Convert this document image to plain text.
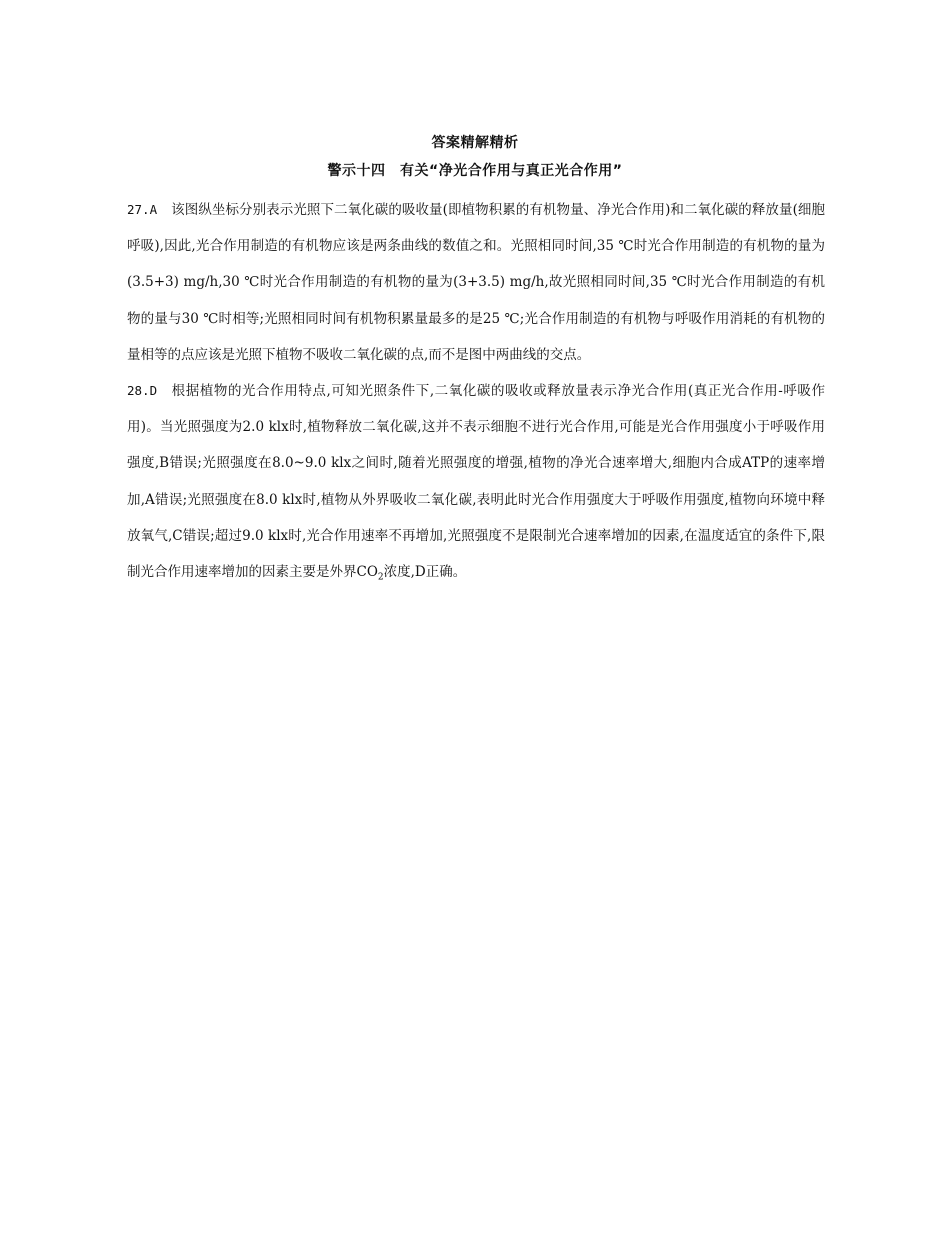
答案精解精析
警示十四　有关“净光合作用与真正光合作用”

27.A 该图纵坐标分别表示光照下二氧化碳的吸收量(即植物积累的有机物量、净光合作用)和二氧化碳的释放量(细胞呼吸),因此,光合作用制造的有机物应该是两条曲线的数值之和。光照相同时间,35 ℃时光合作用制造的有机物的量为(3.5+3) mg/h,30 ℃时光合作用制造的有机物的量为(3+3.5) mg/h,故光照相同时间,35 ℃时光合作用制造的有机物的量与30 ℃时相等;光照相同时间有机物积累量最多的是25 ℃;光合作用制造的有机物与呼吸作用消耗的有机物的量相等的点应该是光照下植物不吸收二氧化碳的点,而不是图中两曲线的交点。

28.D 根据植物的光合作用特点,可知光照条件下,二氧化碳的吸收或释放量表示净光合作用(真正光合作用-呼吸作用)。当光照强度为2.0 klx时,植物释放二氧化碳,这并不表示细胞不进行光合作用,可能是光合作用强度小于呼吸作用强度,B错误;光照强度在8.0~9.0 klx之间时,随着光照强度的增强,植物的净光合速率增大,细胞内合成ATP的速率增加,A错误;光照强度在8.0 klx时,植物从外界吸收二氧化碳,表明此时光合作用强度大于呼吸作用强度,植物向环境中释放氧气,C错误;超过9.0 klx时,光合作用速率不再增加,光照强度不是限制光合速率增加的因素,在温度适宜的条件下,限制光合作用速率增加的因素主要是外界$CO_2$浓度,D正确。
